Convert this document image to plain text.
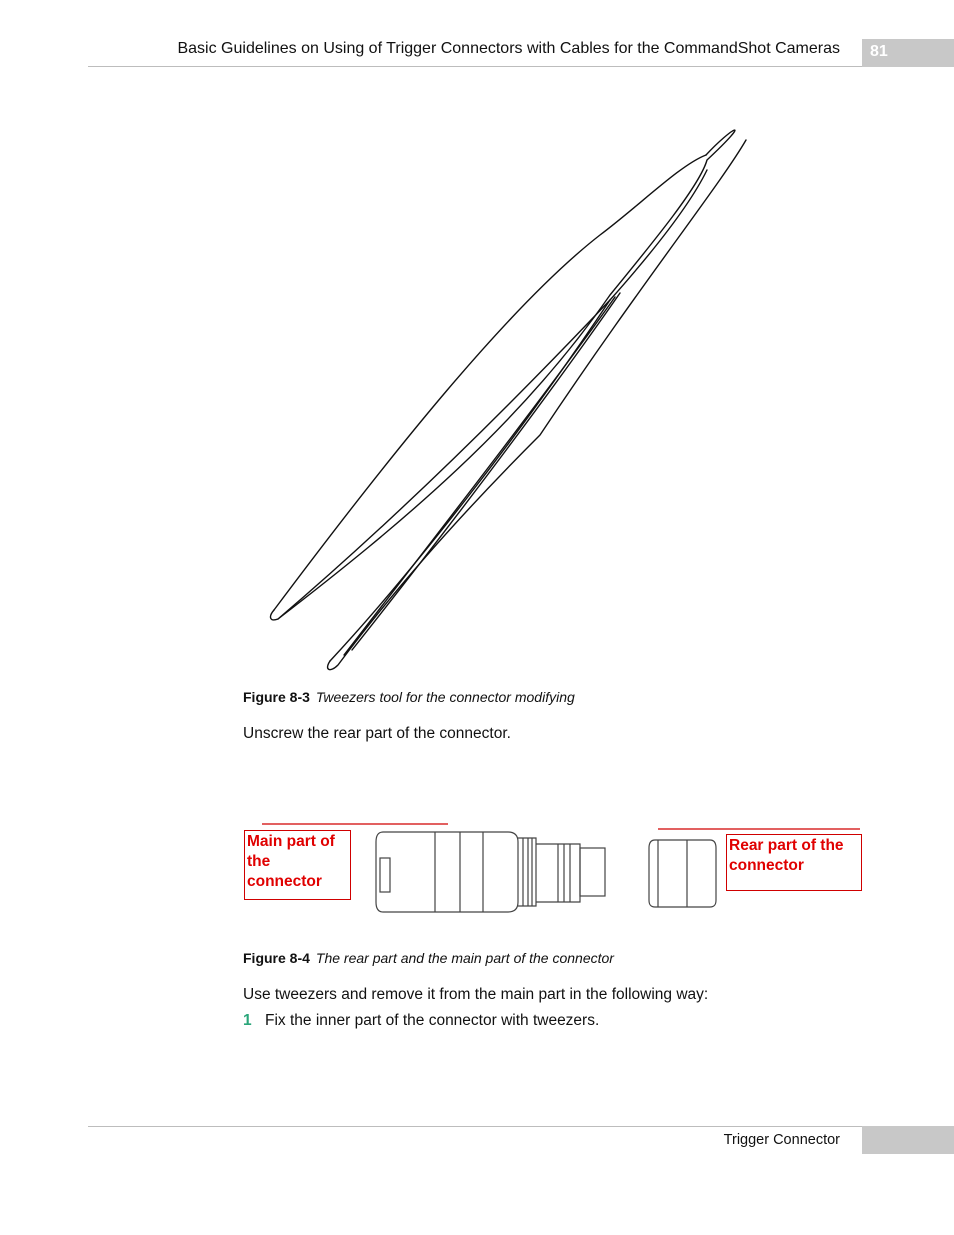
Basic Guidelines on Using of Trigger Connectors with Cables for the CommandShot Cameras 81
Figure 8-3 Tweezers tool for the connector modifying
Unscrew the rear part of the connector.
Main part of the connector
Rear part of the connector
Figure 8-4 The rear part and the main part of the connector
Use tweezers and remove it from the main part in the following way:
1 Fix the inner part of the connector with tweezers.
Trigger Connector
